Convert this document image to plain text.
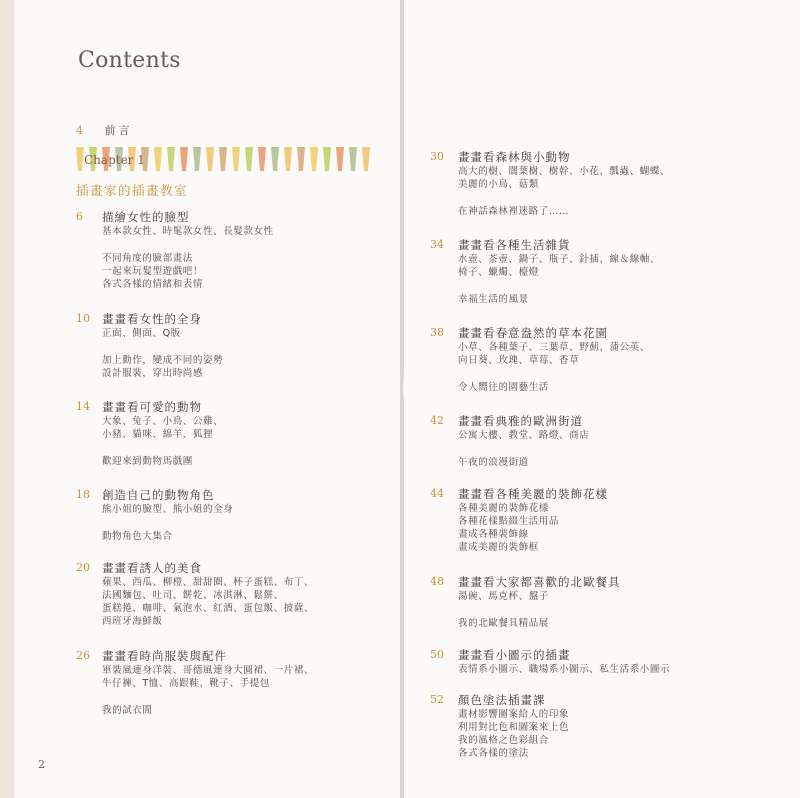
Contents
4 前言
Chapter 1
插畫家的插畫教室
6	描繪女性的臉型
基本款女性、時髦款女性、長髮款女性
不同角度的臉部畫法
一起來玩髮型遊戲吧！
各式各樣的情緒和表情
10	畫畫看女性的全身
正面、側面、Q版
加上動作，變成不同的姿勢
設計服裝，穿出時尚感
14	畫畫看可愛的動物
大象、兔子、小鳥、公雞、
小豬、貓咪、綿羊、狐狸
歡迎來到動物馬戲團
18	創造自己的動物角色
熊小姐的臉型、熊小姐的全身
動物角色大集合
20	畫畫看誘人的美食
蘋果、西瓜、柳橙、甜甜圈、杯子蛋糕、布丁、
法國麵包、吐司、餅乾、冰淇淋、鬆餅、
蛋糕捲、咖啡、氣泡水、紅酒、蛋包飯、披薩、
西班牙海鮮飯
26	畫畫看時尚服裝與配件
軍裝風連身洋裝、哥德風連身大圓裙、一片裙、
牛仔褲、T恤、高跟鞋、靴子、手提包
我的試衣間
30	畫畫看森林與小動物
高大的樹、闊葉樹、樹幹、小花、瓢蟲、蝴蝶、
美麗的小鳥、菇類
在神話森林裡迷路了……
34	畫畫看各種生活雜貨
水壺、茶壺、鍋子、瓶子、針插、線＆線軸、
椅子、蠟燭、檯燈
幸福生活的風景
38	畫畫看春意盎然的草本花園
小草、各種葉子、三葉草、野薊、蒲公英、
向日葵、玫瑰、草莓、香草
令人嚮往的園藝生活
42	畫畫看典雅的歐洲街道
公寓大樓、教堂、路燈、商店
午夜的浪漫街道
44	畫畫看各種美麗的裝飾花樣
各種美麗的裝飾花樣
各種花樣點綴生活用品
畫成各種裝飾線
畫成美麗的裝飾框
48	畫畫看大家都喜歡的北歐餐具
湯碗、馬克杯、盤子
我的北歐餐具精品展
50	畫畫看小圖示的插畫
表情系小圖示、職場系小圖示、私生活系小圖示
52	顏色塗法插畫課
畫材影響圖案給人的印象
利用對比色和圖案來上色
我的風格之色彩組合
各式各樣的塗法
2
